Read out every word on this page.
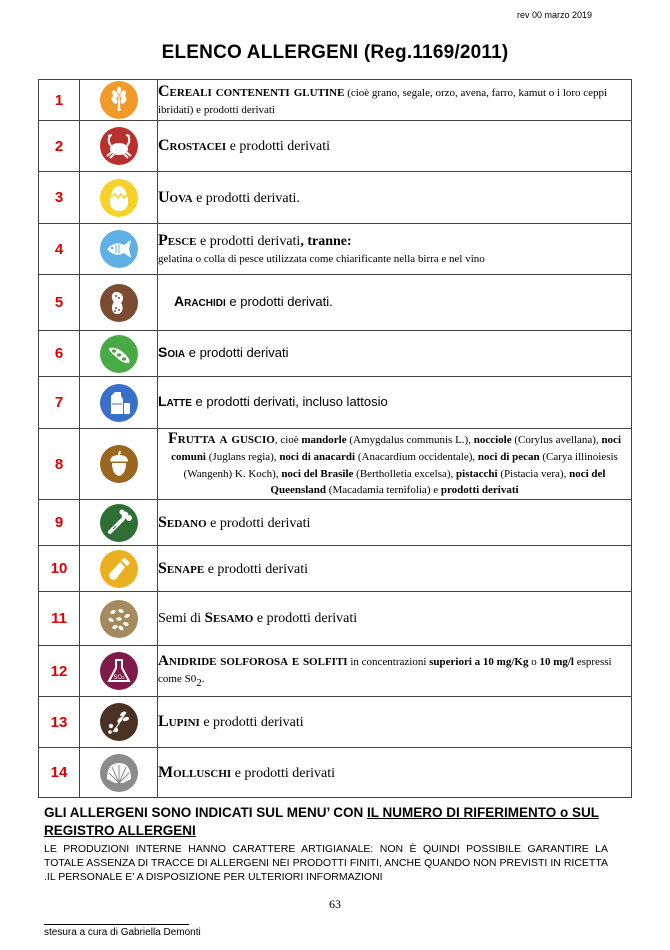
rev 00 marzo 2019
ELENCO ALLERGENI (Reg.1169/2011)
1		Cereali contenenti glutine (cioè grano, segale, orzo, avena, farro, kamut o i loro ceppi ibridati) e prodotti derivati
2		Crostacei e prodotti derivati
3		Uova e prodotti derivati.
4		Pesce e prodotti derivati, tranne:
gelatina o colla di pesce utilizzata come chiarificante nella birra e nel vino
5		Arachidi e prodotti derivati.
6		Soia e prodotti derivati
7		Latte e prodotti derivati, incluso lattosio
8		Frutta a guscio, cioè mandorle (Amygdalus communis L.), nocciole (Corylus avellana), noci comuni (Juglans regia), noci di anacardi (Anacardium occidentale), noci di pecan (Carya illinoiesis (Wangenh) K. Koch), noci del Brasile (Bertholletia excelsa), pistacchi (Pistacia vera), noci del Queensland (Macadamia ternifolia) e prodotti derivati
9		Sedano e prodotti derivati
10		Senape e prodotti derivati
11		Semi di Sesamo e prodotti derivati
12	SO₂	Anidride solforosa e solfiti in concentrazioni superiori a 10 mg/Kg o 10 mg/l espressi come $S0_2$.
13		Lupini e prodotti derivati
14		Molluschi e prodotti derivati
GLI ALLERGENI SONO INDICATI SUL MENU’ CON IL NUMERO DI RIFERIMENTO o SUL REGISTRO ALLERGENI
LE PRODUZIONI INTERNE HANNO CARATTERE ARTIGIANALE: NON È QUINDI POSSIBILE GARANTIRE LA TOTALE ASSENZA DI TRACCE DI ALLERGENI NEI PRODOTTI FINITI, ANCHE QUANDO NON PREVISTI IN RICETTA .IL PERSONALE E’ A DISPOSIZIONE PER ULTERIORI INFORMAZIONI
63
stesura a cura di Gabriella Demonti
